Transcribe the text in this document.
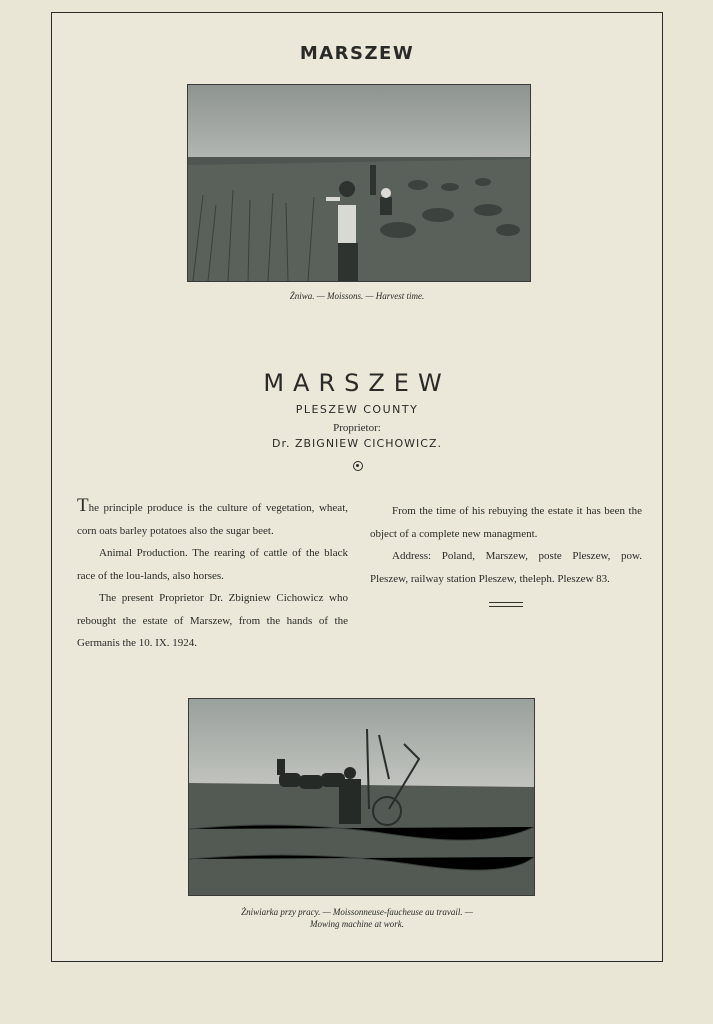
MARSZEW
Żniwa. — Moissons. — Harvest time.
MARSZEW
PLESZEW COUNTY
Proprietor:
Dr. ZBIGNIEW CICHOWICZ.

The principle produce is the culture of vegetation, wheat, corn oats barley potatoes also the sugar beet.

Animal Production. The rearing of cattle of the black race of the lou-lands, also horses.

The present Proprietor Dr. Zbigniew Cichowicz who rebought the estate of Marszew, from the hands of the Germanis the 10. IX. 1924.

From the time of his rebuying the estate it has been the object of a complete new managment.

Address: Poland, Marszew, poste Pleszew, pow. Pleszew, railway station Pleszew, theleph. Pleszew 83.

Żniwiarka przy pracy. — Moissonneuse-faucheuse au travail. —
Mowing machine at work.
